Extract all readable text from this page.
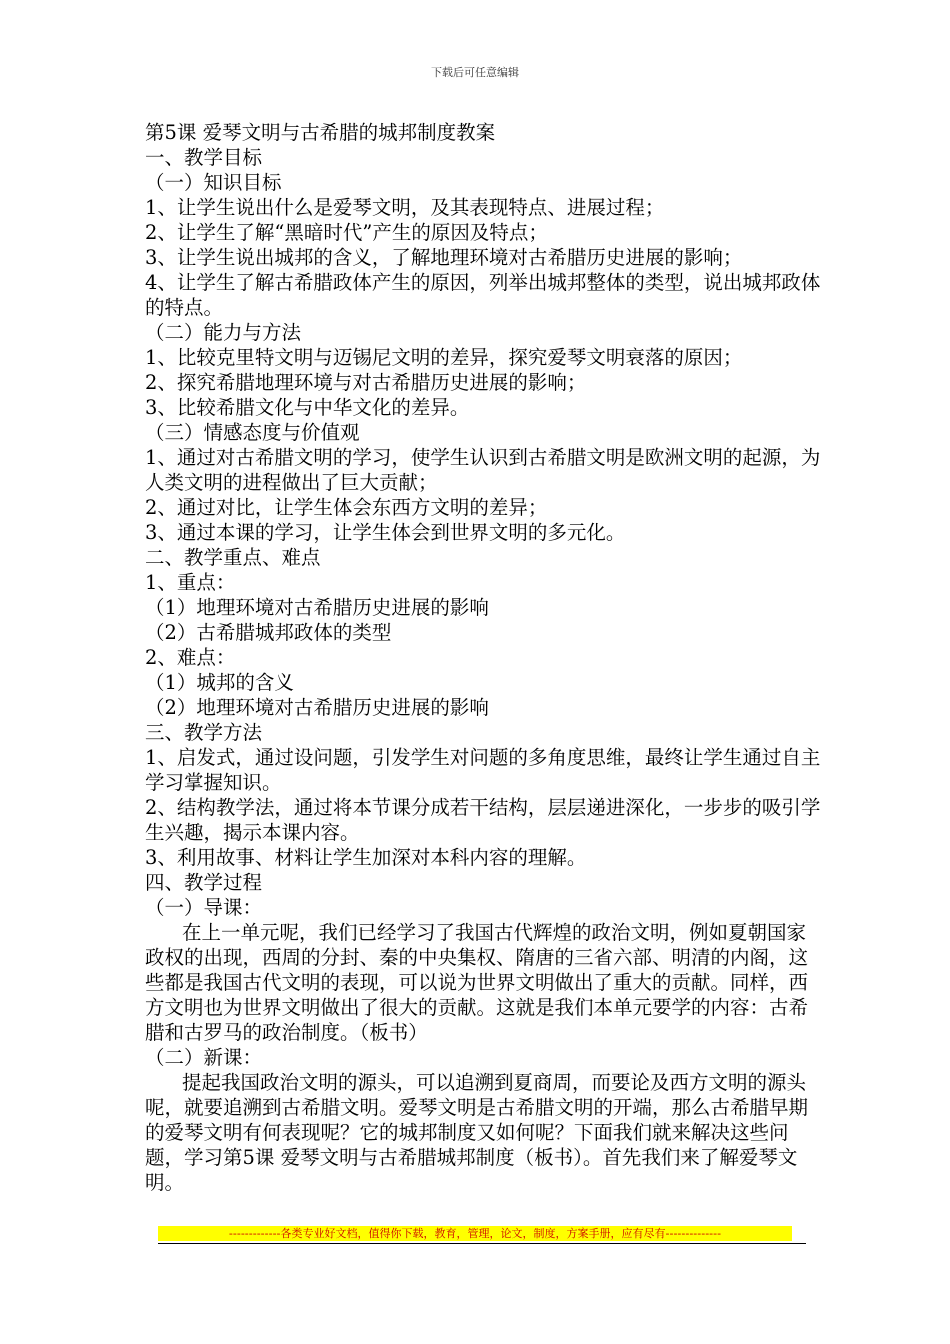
下载后可任意编辑

第5课 爱琴文明与古希腊的城邦制度教案

一、教学目标

（一）知识目标

1、让学生说出什么是爱琴文明，及其表现特点、进展过程；

2、让学生了解“黑暗时代”产生的原因及特点；

3、让学生说出城邦的含义，了解地理环境对古希腊历史进展的影响；

4、让学生了解古希腊政体产生的原因，列举出城邦整体的类型，说出城邦政体的特点。

（二）能力与方法

1、比较克里特文明与迈锡尼文明的差异，探究爱琴文明衰落的原因；

2、探究希腊地理环境与对古希腊历史进展的影响；

3、比较希腊文化与中华文化的差异。

（三）情感态度与价值观

1、通过对古希腊文明的学习，使学生认识到古希腊文明是欧洲文明的起源，为人类文明的进程做出了巨大贡献；

2、通过对比，让学生体会东西方文明的差异；

3、通过本课的学习，让学生体会到世界文明的多元化。

二、教学重点、难点

1、重点：

（1）地理环境对古希腊历史进展的影响

（2）古希腊城邦政体的类型

2、难点：

（1）城邦的含义

（2）地理环境对古希腊历史进展的影响

三、教学方法

1、启发式，通过设问题，引发学生对问题的多角度思维，最终让学生通过自主学习掌握知识。

2、结构教学法，通过将本节课分成若干结构，层层递进深化，一步步的吸引学生兴趣，揭示本课内容。

3、利用故事、材料让学生加深对本科内容的理解。

四、教学过程

（一）导课：

在上一单元呢，我们已经学习了我国古代辉煌的政治文明，例如夏朝国家政权的出现，西周的分封、秦的中央集权、隋唐的三省六部、明清的内阁，这些都是我国古代文明的表现，可以说为世界文明做出了重大的贡献。同样，西方文明也为世界文明做出了很大的贡献。这就是我们本单元要学的内容：古希腊和古罗马的政治制度。（板书）

（二）新课：

提起我国政治文明的源头，可以追溯到夏商周，而要论及西方文明的源头呢，就要追溯到古希腊文明。爱琴文明是古希腊文明的开端，那么古希腊早期的爱琴文明有何表现呢？它的城邦制度又如何呢？下面我们就来解决这些问题，学习第5课 爱琴文明与古希腊城邦制度（板书）。首先我们来了解爱琴文明。

-------------各类专业好文档，值得你下载，教育，管理，论文，制度，方案手册，应有尽有--------------
